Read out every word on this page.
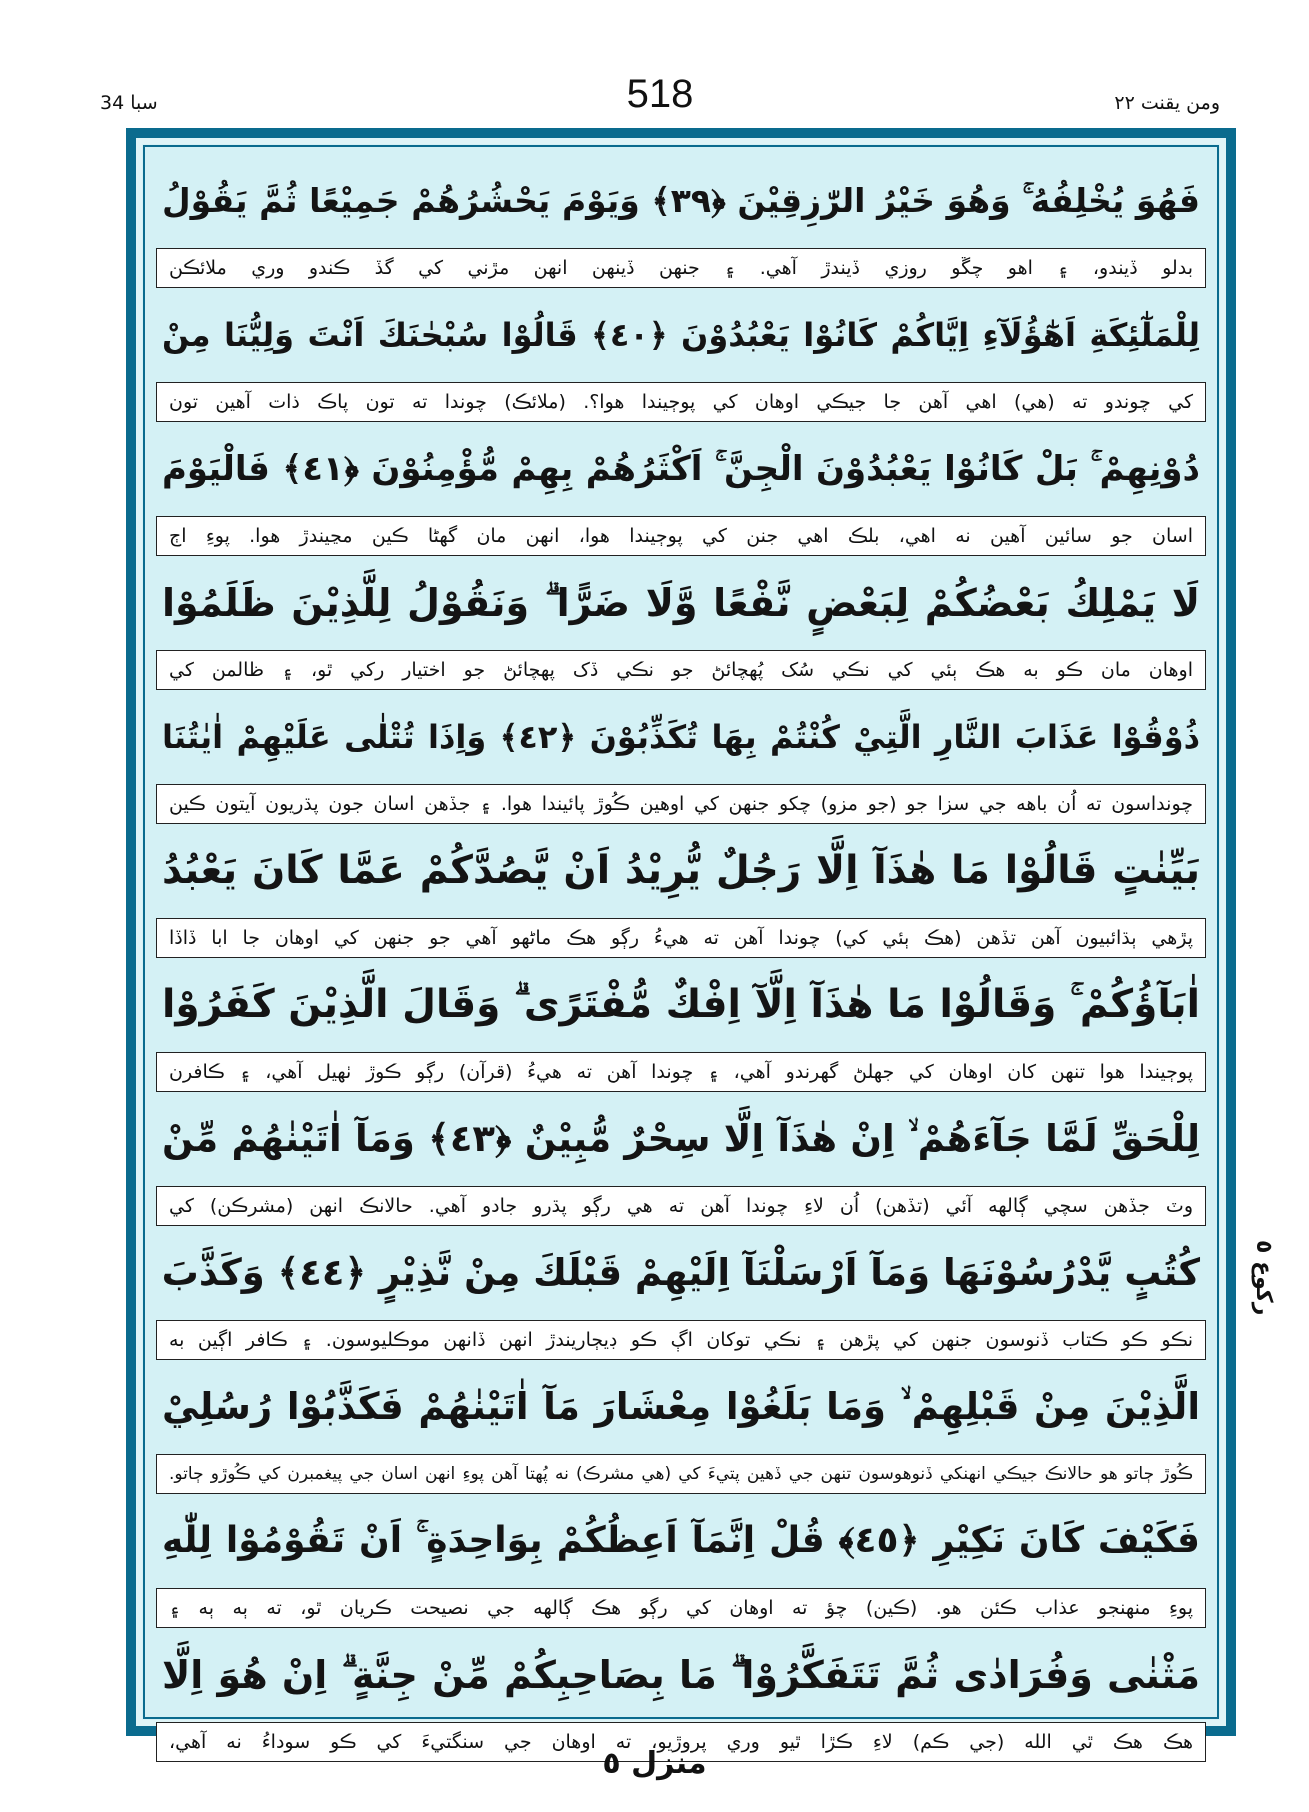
سبا 34	518	ومن يقنت ٢٢
فَهُوَ يُخْلِفُهُ ۚ وَهُوَ خَيْرُ الرّٰزِقِيْنَ ﴿٣٩﴾ وَيَوْمَ يَحْشُرُهُمْ جَمِيْعًا ثُمَّ يَقُوْلُ
بدلو ڏيندو، ۽ اهو چڱو روزي ڏيندڙ آهي. ۽ جنهن ڏينهن انهن مڙني کي گڏ ڪندو وري ملائڪن
لِلْمَلٰٓئِكَةِ اَهٰٓؤُلَآءِ اِيَّاكُمْ كَانُوْا يَعْبُدُوْنَ ﴿٤٠﴾ قَالُوْا سُبْحٰنَكَ اَنْتَ وَلِيُّنَا مِنْ
کي چوندو ته (هي) اهي آهن جا جيڪي اوهان کي پوڄيندا هوا؟. (ملائڪ) چوندا ته تون پاڪ ذات آهين تون
دُوْنِهِمْ ۚ بَلْ كَانُوْا يَعْبُدُوْنَ الْجِنَّ ۚ اَكْثَرُهُمْ بِهِمْ مُّؤْمِنُوْنَ ﴿٤١﴾ فَالْيَوْمَ
اسان جو سائين آهين نه اهي، بلڪ اهي جنن کي پوڄيندا هوا، انهن مان گهڻا ڪين مڃيندڙ هوا. پوءِ اڄ
لَا يَمْلِكُ بَعْضُكُمْ لِبَعْضٍ نَّفْعًا وَّلَا ضَرًّا ۗ وَنَقُوْلُ لِلَّذِيْنَ ظَلَمُوْا
اوهان مان ڪو به هڪ ٻئي کي نڪي سُک پُهچائڻ جو نڪي ڏک پهچائڻ جو اختيار رکي ٿو، ۽ ظالمن کي
ذُوْقُوْا عَذَابَ النَّارِ الَّتِيْ كُنْتُمْ بِهَا تُكَذِّبُوْنَ ﴿٤٢﴾ وَاِذَا تُتْلٰى عَلَيْهِمْ اٰيٰتُنَا
چونداسون ته اُن باهه جي سزا جو (جو مزو) چکو جنهن کي اوهين ڪُوڙ پائيندا هوا. ۽ جڏهن اسان جون پڌريون آيتون ڪين
بَيِّنٰتٍ قَالُوْا مَا هٰذَآ اِلَّا رَجُلٌ يُّرِيْدُ اَنْ يَّصُدَّكُمْ عَمَّا كَانَ يَعْبُدُ
پڙهي ٻڌائبيون آهن تڏهن (هڪ ٻئي کي) چوندا آهن ته هيءُ رڳو هڪ ماڻهو آهي جو جنهن کي اوهان جا ابا ڏاڏا
اٰبَآؤُكُمْ ۚ وَقَالُوْا مَا هٰذَآ اِلَّآ اِفْكٌ مُّفْتَرًى ۗ وَقَالَ الَّذِيْنَ كَفَرُوْا
پوڄيندا هوا تنهن کان اوهان کي جهلڻ گهرندو آهي، ۽ چوندا آهن ته هيءُ (قرآن) رڳو ڪوڙ ٺهيل آهي، ۽ ڪافرن
لِلْحَقِّ لَمَّا جَآءَهُمْ ۙ اِنْ هٰذَآ اِلَّا سِحْرٌ مُّبِيْنٌ ﴿٤٣﴾ وَمَآ اٰتَيْنٰهُمْ مِّنْ
وٽ جڏهن سچي ڳالهه آئي (تڏهن) اُن لاءِ چوندا آهن ته هي رڳو پڌرو جادو آهي. حالانڪ انهن (مشرڪن) کي
كُتُبٍ يَّدْرُسُوْنَهَا وَمَآ اَرْسَلْنَآ اِلَيْهِمْ قَبْلَكَ مِنْ نَّذِيْرٍ ﴿٤٤﴾ وَكَذَّبَ
نڪو ڪو ڪتاب ڏنوسون جنهن کي پڙهن ۽ نڪي توکان اڳ ڪو ڊيڄاريندڙ انهن ڏانهن موڪليوسون. ۽ ڪافر اڳين به
الَّذِيْنَ مِنْ قَبْلِهِمْ ۙ وَمَا بَلَغُوْا مِعْشَارَ مَآ اٰتَيْنٰهُمْ فَكَذَّبُوْا رُسُلِيْ
ڪُوڙ ڄاتو هو حالانڪ جيڪي انهنکي ڏنوهوسون تنهن جي ڏهين پتيءَ کي (هي مشرڪ) نه پُهتا آهن پوءِ انهن اسان جي پيغمبرن کي ڪُوڙو ڄاتو.
فَكَيْفَ كَانَ نَكِيْرِ ﴿٤٥﴾ قُلْ اِنَّمَآ اَعِظُكُمْ بِوَاحِدَةٍ ۚ اَنْ تَقُوْمُوْا لِلّٰهِ
پوءِ منهنجو عذاب ڪئن هو. (ڪين) چؤ ته اوهان کي رڳو هڪ ڳالهه جي نصيحت ڪريان ٿو، ته ٻه ٻه ۽
مَثْنٰى وَفُرَادٰى ثُمَّ تَتَفَكَّرُوْا ۗ مَا بِصَاحِبِكُمْ مِّنْ جِنَّةٍ ۗ اِنْ هُوَ اِلَّا
هڪ هڪ ٿي الله (جي ڪم) لاءِ ڪڙا ٿيو وري پروڙيو، ته اوهان جي سنگتيءَ کي ڪو سوداءُ نه آهي،
ركوع ٥
منزل ٥
